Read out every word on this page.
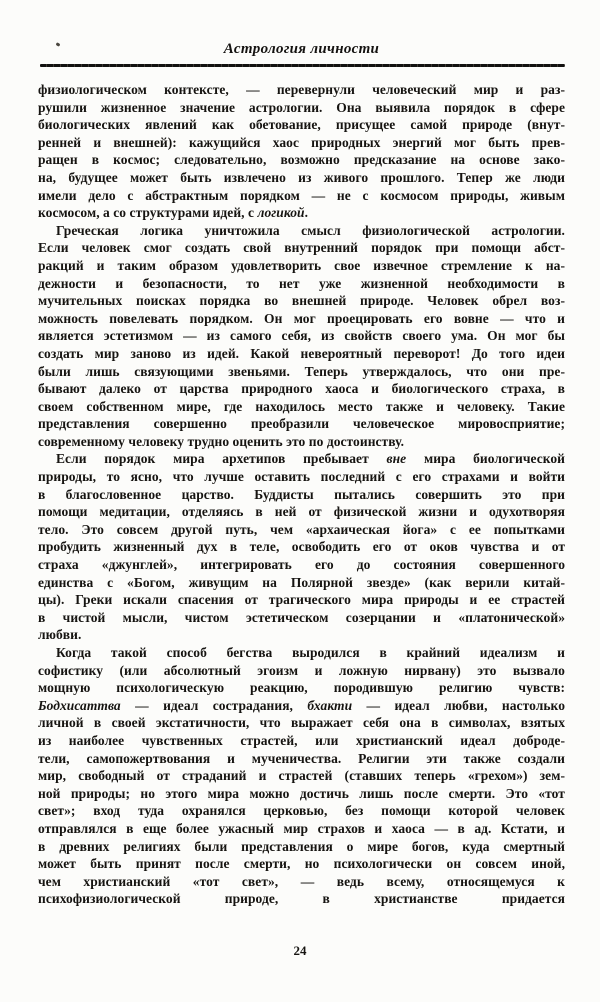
Астрология личности
физиологическом контексте, — перевернули человеческий мир и раз-
рушили жизненное значение астрологии. Она выявила порядок в сфере
биологических явлений как обетование, присущее самой природе (внут-
ренней и внешней): кажущийся хаос природных энергий мог быть прев-
ращен в космос; следовательно, возможно предсказание на основе зако-
на, будущее может быть извлечено из живого прошлого. Тепер же люди
имели дело с абстрактным порядком — не с космосом природы, живым
космосом, а со структурами идей, с логикой.
Греческая логика уничтожила смысл физиологической астрологии.
Если человек смог создать свой внутренний порядок при помощи абст-
ракций и таким образом удовлетворить свое извечное стремление к на-
дежности и безопасности, то нет уже жизненной необходимости в
мучительных поисках порядка во внешней природе. Человек обрел воз-
можность повелевать порядком. Он мог проецировать его вовне — что и
является эстетизмом — из самого себя, из свойств своего ума. Он мог бы
создать мир заново из идей. Какой невероятный переворот! До того идеи
были лишь связующими звеньями. Теперь утверждалось, что они пре-
бывают далеко от царства природного хаоса и биологического страха, в
своем собственном мире, где находилось место также и человеку. Такие
представления совершенно преобразили человеческое мировосприятие;
современному человеку трудно оценить это по достоинству.
Если порядок мира архетипов пребывает вне мира биологической
природы, то ясно, что лучше оставить последний с его страхами и войти
в благословенное царство. Буддисты пытались совершить это при
помощи медитации, отделяясь в ней от физической жизни и одухотворяя
тело. Это совсем другой путь, чем «архаическая йога» с ее попытками
пробудить жизненный дух в теле, освободить его от оков чувства и от
страха «джунглей», интегрировать его до состояния совершенного
единства с «Богом, живущим на Полярной звезде» (как верили китай-
цы). Греки искали спасения от трагического мира природы и ее страстей
в чистой мысли, чистом эстетическом созерцании и «платонической»
любви.
Когда такой способ бегства выродился в крайний идеализм и
софистику (или абсолютный эгоизм и ложную нирвану) это вызвало
мощную психологическую реакцию, породившую религию чувств:
Бодхисаттва — идеал сострадания, бхакти — идеал любви, настолько
личной в своей экстатичности, что выражает себя она в символах, взятых
из наиболее чувственных страстей, или христианский идеал доброде-
тели, самопожертвования и мученичества. Религии эти также создали
мир, свободный от страданий и страстей (ставших теперь «грехом») зем-
ной природы; но этого мира можно достичь лишь после смерти. Это «тот
свет»; вход туда охранялся церковью, без помощи которой человек
отправлялся в еще более ужасный мир страхов и хаоса — в ад. Кстати, и
в древних религиях были представления о мире богов, куда смертный
может быть принят после смерти, но психологически он совсем иной,
чем христианский «тот свет», — ведь всему, относящемуся к
психофизиологической природе, в христианстве придается
24
